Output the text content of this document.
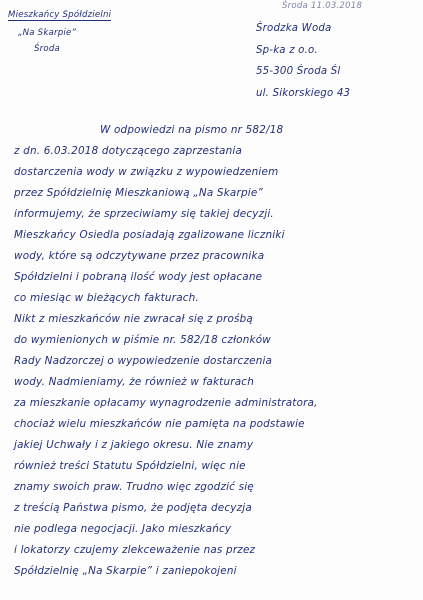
Środa 11.03.2018
Mieszkańcy Spółdzielni
„Na Skarpie”
Środa
Środzka Woda
Sp-ka z o.o.
55-300 Środa Śl
ul. Sikorskiego 43
W odpowiedzi na pismo nr 582/18
z dn. 6.03.2018 dotyczącego zaprzestania
dostarczenia wody w związku z wypowiedzeniem
przez Spółdzielnię Mieszkaniową „Na Skarpie”
informujemy, że sprzeciwiamy się takiej decyzji.
Mieszkańcy Osiedla posiadają zgalizowane liczniki
wody, które są odczytywane przez pracownika
Spółdzielni i pobraną ilość wody jest opłacane
co miesiąc w bieżących fakturach.
Nikt z mieszkańców nie zwracał się z prośbą
do wymienionych w piśmie nr. 582/18 członków
Rady Nadzorczej o wypowiedzenie dostarczenia
wody. Nadmieniamy, że również w fakturach
za mieszkanie opłacamy wynagrodzenie administratora,
chociaż wielu mieszkańców nie pamięta na podstawie
jakiej Uchwały i z jakiego okresu. Nie znamy
również treści Statutu Spółdzielni, więc nie
znamy swoich praw. Trudno więc zgodzić się
z treścią Państwa pismo, że podjęta decyzja
nie podlega negocjacji. Jako mieszkańcy
i lokatorzy czujemy zlekceważenie nas przez
Spółdzielnię „Na Skarpie” i zaniepokojeni
